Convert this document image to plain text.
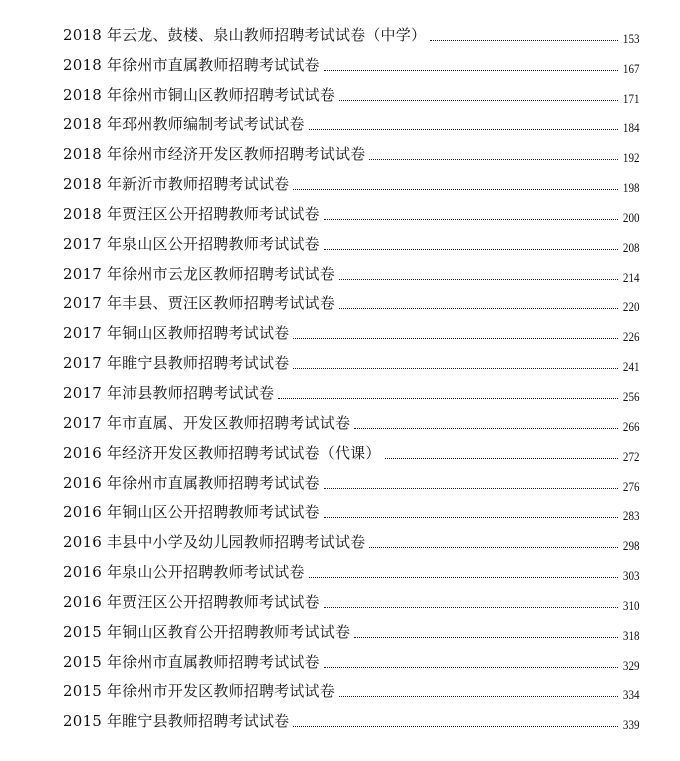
2018 年云龙、鼓楼、泉山教师招聘考试试卷（中学）	153
2018 年徐州市直属教师招聘考试试卷	167
2018 年徐州市铜山区教师招聘考试试卷	171
2018 年邳州教师编制考试考试试卷	184
2018 年徐州市经济开发区教师招聘考试试卷	192
2018 年新沂市教师招聘考试试卷	198
2018 年贾汪区公开招聘教师考试试卷	200
2017 年泉山区公开招聘教师考试试卷	208
2017 年徐州市云龙区教师招聘考试试卷	214
2017 年丰县、贾汪区教师招聘考试试卷	220
2017 年铜山区教师招聘考试试卷	226
2017 年睢宁县教师招聘考试试卷	241
2017 年沛县教师招聘考试试卷	256
2017 年市直属、开发区教师招聘考试试卷	266
2016 年经济开发区教师招聘考试试卷（代课）	272
2016 年徐州市直属教师招聘考试试卷	276
2016 年铜山区公开招聘教师考试试卷	283
2016 丰县中小学及幼儿园教师招聘考试试卷	298
2016 年泉山公开招聘教师考试试卷	303
2016 年贾汪区公开招聘教师考试试卷	310
2015 年铜山区教育公开招聘教师考试试卷	318
2015 年徐州市直属教师招聘考试试卷	329
2015 年徐州市开发区教师招聘考试试卷	334
2015 年睢宁县教师招聘考试试卷	339
